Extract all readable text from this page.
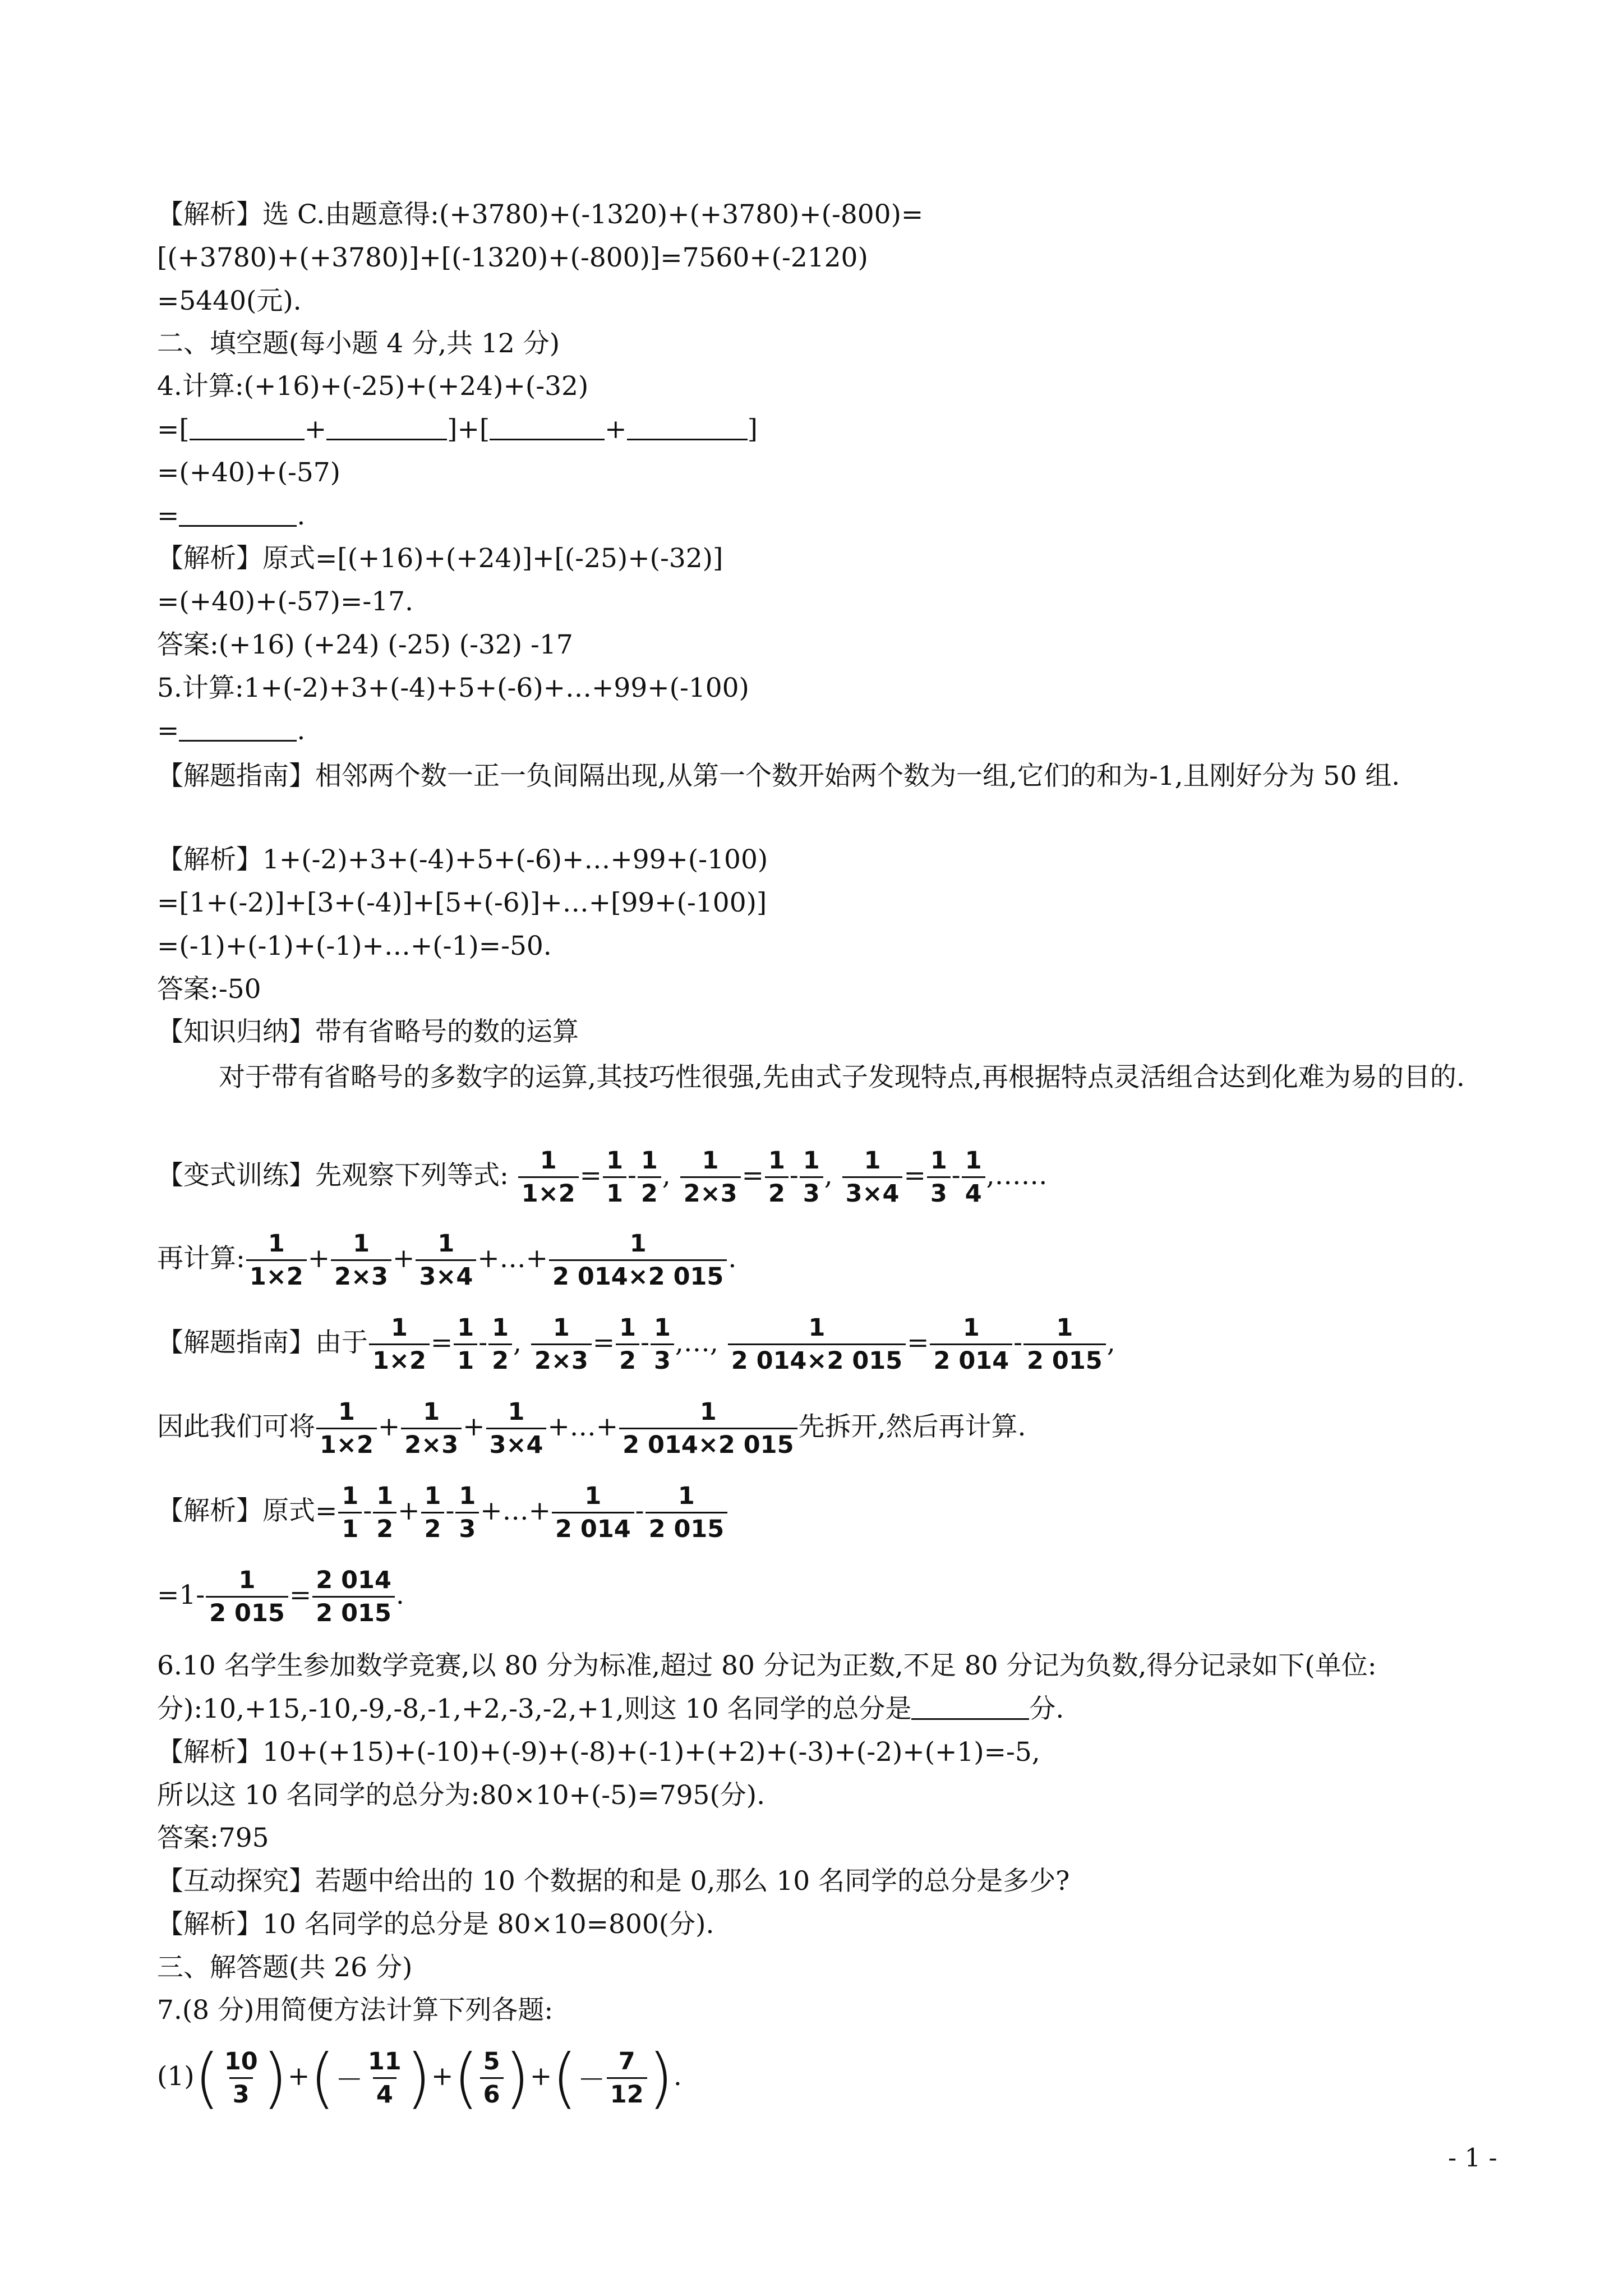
【解析】选 C.由题意得:(+3780)+(-1320)+(+3780)+(-800)=
[(+3780)+(+3780)]+[(-1320)+(-800)]=7560+(-2120)
=5440(元).
二、填空题(每小题 4 分,共 12 分)
4.计算:(+16)+(-25)+(+24)+(-32)
=[	+	]+[	+	]
=(+40)+(-57)
=	.
【解析】原式=[(+16)+(+24)]+[(-25)+(-32)]
=(+40)+(-57)=-17.
答案:(+16) (+24) (-25) (-32) -17
5.计算:1+(-2)+3+(-4)+5+(-6)+…+99+(-100)
=	.
【解题指南】相邻两个数一正一负间隔出现,从第一个数开始两个数为一组,它们的和为-1,且刚好分为 50 组.
【解析】1+(-2)+3+(-4)+5+(-6)+…+99+(-100)
=[1+(-2)]+[3+(-4)]+[5+(-6)]+…+[99+(-100)]
=(-1)+(-1)+(-1)+…+(-1)=-50.
答案:-50
【知识归纳】带有省略号的数的运算
对于带有省略号的多数字的运算,其技巧性很强,先由式子发现特点,再根据特点灵活组合达到化难为易的目的.
【变式训练】先观察下列等式: $\frac{1}{1\times 2} = \frac{1}{1} - \frac{1}{2}$ , $\frac{1}{2\times 3} = \frac{1}{2} - \frac{1}{3}$ , $\frac{1}{3\times 4} = \frac{1}{3} - \frac{1}{4}$ ,……
再计算: $\frac{1}{1\times 2} + \frac{1}{2\times 3} + \frac{1}{3\times 4}$ +…+ $\frac{1}{2 014\times 2 015}$ .
【解题指南】由于 $\frac{1}{1\times 2} = \frac{1}{1} - \frac{1}{2}$ , $\frac{1}{2\times 3} = \frac{1}{2} - \frac{1}{3}$ ,…, $\frac{1}{2 014\times 2 015} = \frac{1}{2 014} - \frac{1}{2 015}$ ,
因此我们可将 $\frac{1}{1\times 2} + \frac{1}{2\times 3} + \frac{1}{3\times 4}$ +…+ $\frac{1}{2 014\times 2 015}$ 先拆开,然后再计算.
【解析】原式= $\frac{1}{1} - \frac{1}{2} + \frac{1}{2} - \frac{1}{3}$ +…+ $\frac{1}{2 014} - \frac{1}{2 015}$
$=1- \frac{1}{2 015} = \frac{2 014}{2 015}$ .
6.10 名学生参加数学竞赛,以 80 分为标准,超过 80 分记为正数,不足 80 分记为负数,得分记录如下(单位:
分):10,+15,-10,-9,-8,-1,+2,-3,-2,+1,则这 10 名同学的总分是	分.
【解析】10+(+15)+(-10)+(-9)+(-8)+(-1)+(+2)+(-3)+(-2)+(+1)=-5,
所以这 10 名同学的总分为:80×10+(-5)=795(分).
答案:795
【互动探究】若题中给出的 10 个数据的和是 0,那么 10 名同学的总分是多少?
【解析】10 名同学的总分是 80×10=800(分).
三、解答题(共 26 分)
7.(8 分)用简便方法计算下列各题:
$(1)( \frac{10}{3}$ )+(− $\frac{11}{4}$ )+( $\frac{5}{6}$ )+(− $\frac{7}{12}$ ).
- 1 -
